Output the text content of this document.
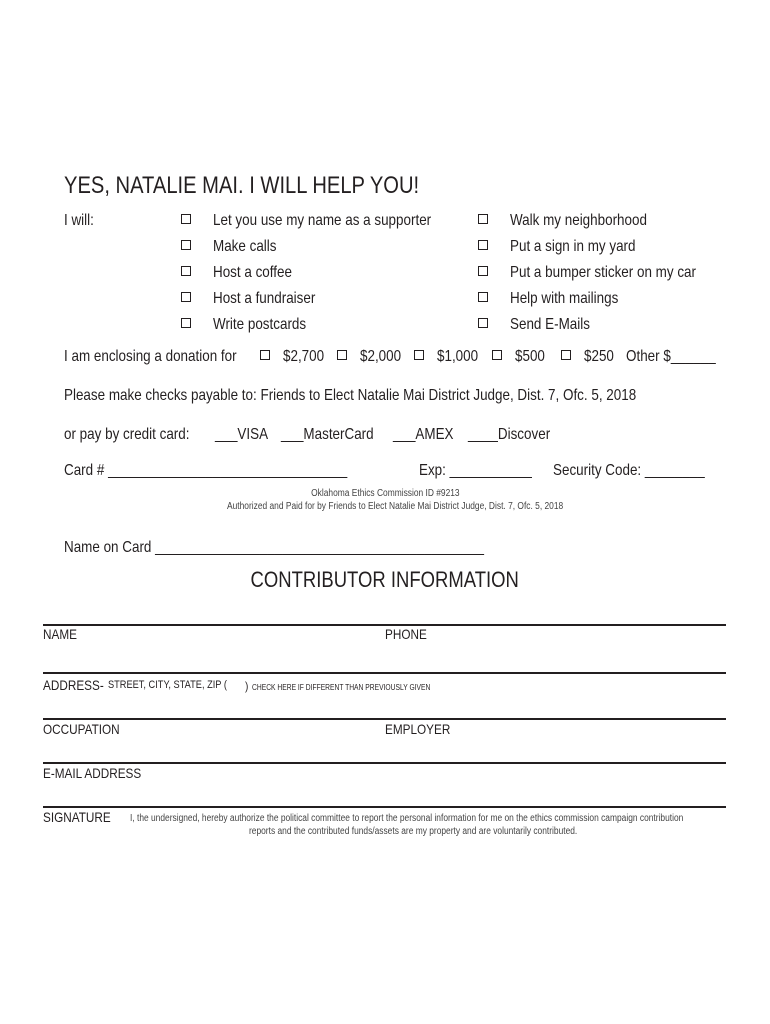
YES, NATALIE MAI. I WILL HELP YOU!
I will:	Let you use my name as a supporter
Make calls
Host a coffee
Host a fundraiser
Write postcards
Walk my neighborhood
Put a sign in my yard
Put a bumper sticker on my car
Help with mailings
Send E-Mails
I am enclosing a donation for	$2,700	$2,000	$1,000	$500	$250 Other $______
Please make checks payable to: Friends to Elect Natalie Mai District Judge, Dist. 7, Ofc. 5, 2018
or pay by credit card:	___VISA ___MasterCard	___AMEX ____Discover
Card # ________________________________	Exp: ___________	Security Code: ________
Oklahoma Ethics Commission ID #9213
Authorized and Paid for by Friends to Elect Natalie Mai District Judge, Dist. 7, Ofc. 5, 2018
Name on Card ____________________________________________
CONTRIBUTOR INFORMATION
NAME	PHONE
ADDRESS- STREET, CITY, STATE, ZIP (	) CHECK HERE IF DIFFERENT THAN PREVIOUSLY GIVEN
OCCUPATION	EMPLOYER
E-MAIL ADDRESS
SIGNATURE	I, the undersigned, hereby authorize the political committee to report the personal information for me on the ethics commission campaign contribution
reports and the contributed funds/assets are my property and are voluntarily contributed.
